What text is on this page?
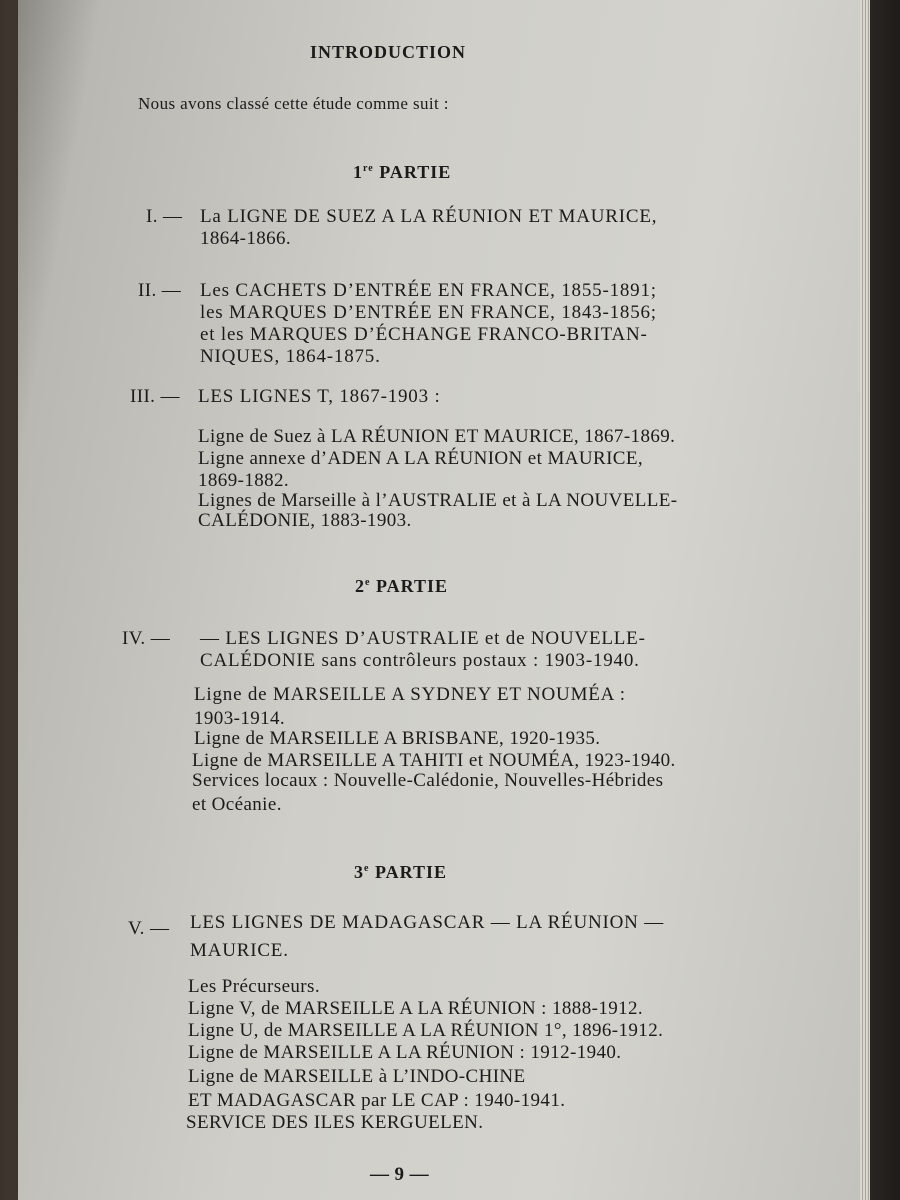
INTRODUCTION
Nous avons classé cette étude comme suit :
1re PARTIE
I. — La LIGNE DE SUEZ A LA RÉUNION ET MAURICE,
1864-1866.
II. — Les CACHETS D’ENTRÉE EN FRANCE, 1855-1891;
les MARQUES D’ENTRÉE EN FRANCE, 1843-1856;
et les MARQUES D’ÉCHANGE FRANCO-BRITAN-
NIQUES, 1864-1875.
III. — LES LIGNES T, 1867-1903 :
Ligne de Suez à LA RÉUNION ET MAURICE, 1867-1869.
Ligne annexe d’ADEN A LA RÉUNION et MAURICE,
1869-1882.
Lignes de Marseille à l’AUSTRALIE et à LA NOUVELLE-
CALÉDONIE, 1883-1903.
2e PARTIE
IV. — — LES LIGNES D’AUSTRALIE et de NOUVELLE-
CALÉDONIE sans contrôleurs postaux : 1903-1940.
Ligne de MARSEILLE A SYDNEY ET NOUMÉA :
1903-1914.
Ligne de MARSEILLE A BRISBANE, 1920-1935.
Ligne de MARSEILLE A TAHITI et NOUMÉA, 1923-1940.
Services locaux : Nouvelle-Calédonie, Nouvelles-Hébrides
et Océanie.
3e PARTIE
V. — LES LIGNES DE MADAGASCAR — LA RÉUNION —
MAURICE.
Les Précurseurs.
Ligne V, de MARSEILLE A LA RÉUNION : 1888-1912.
Ligne U, de MARSEILLE A LA RÉUNION 1°, 1896-1912.
Ligne de MARSEILLE A LA RÉUNION : 1912-1940.
Ligne de MARSEILLE à L’INDO-CHINE
ET MADAGASCAR par LE CAP : 1940-1941.
SERVICE DES ILES KERGUELEN.
— 9 —
